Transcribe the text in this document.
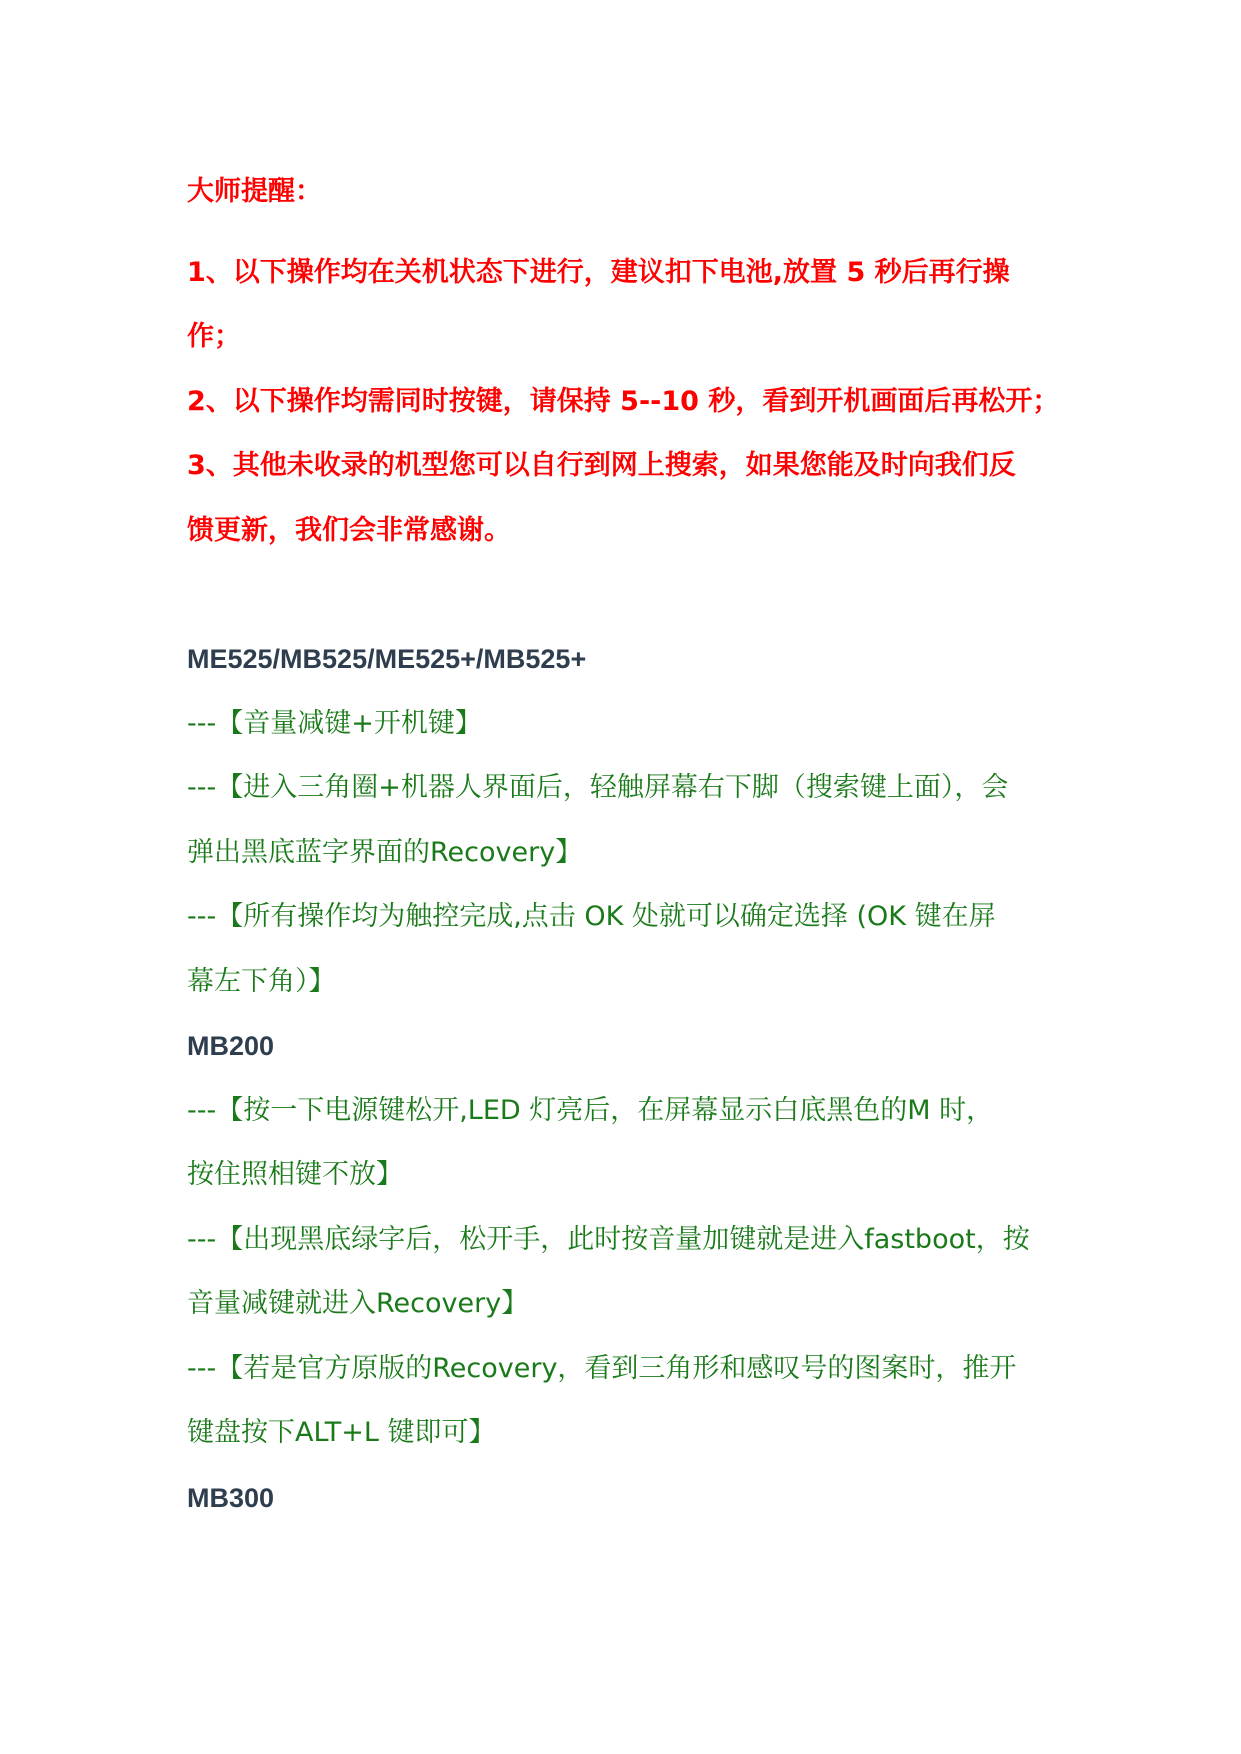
大师提醒：
1、以下操作均在关机状态下进行，建议扣下电池,放置 5 秒后再行操
作；
2、以下操作均需同时按键，请保持 5--10 秒，看到开机画面后再松开；
3、其他未收录的机型您可以自行到网上搜索，如果您能及时向我们反
馈更新，我们会非常感谢。
ME525/MB525/ME525+/MB525+
---【音量减键+开机键】
---【进入三角圈+机器人界面后，轻触屏幕右下脚（搜索键上面），会
弹出黑底蓝字界面的Recovery】
---【所有操作均为触控完成,点击 OK 处就可以确定选择 (OK 键在屏
幕左下角）】
MB200
---【按一下电源键松开,LED 灯亮后，在屏幕显示白底黑色的M 时，
按住照相键不放】
---【出现黑底绿字后，松开手，此时按音量加键就是进入fastboot，按
音量减键就进入Recovery】
---【若是官方原版的Recovery，看到三角形和感叹号的图案时，推开
键盘按下ALT+L 键即可】
MB300
